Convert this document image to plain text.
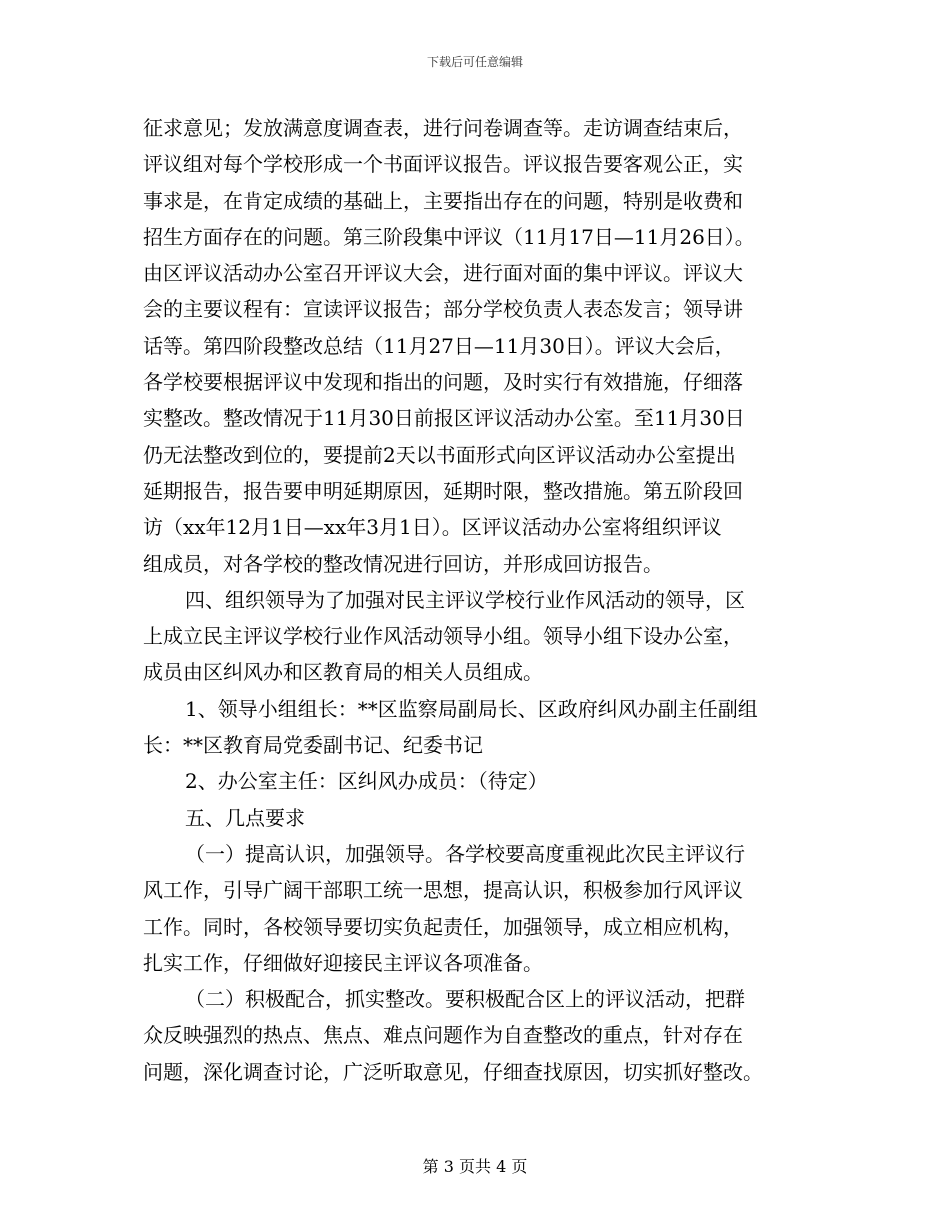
下载后可任意编辑
征求意见；发放满意度调查表，进行问卷调查等。走访调查结束后，
评议组对每个学校形成一个书面评议报告。评议报告要客观公正，实
事求是，在肯定成绩的基础上，主要指出存在的问题，特别是收费和
招生方面存在的问题。第三阶段集中评议（11月17日—11月26日）。
由区评议活动办公室召开评议大会，进行面对面的集中评议。评议大
会的主要议程有：宣读评议报告；部分学校负责人表态发言；领导讲
话等。第四阶段整改总结（11月27日—11月30日）。评议大会后，
各学校要根据评议中发现和指出的问题，及时实行有效措施，仔细落
实整改。整改情况于11月30日前报区评议活动办公室。至11月30日
仍无法整改到位的，要提前2天以书面形式向区评议活动办公室提出
延期报告，报告要申明延期原因，延期时限，整改措施。第五阶段回
访（xx年12月1日—xx年3月1日）。区评议活动办公室将组织评议
组成员，对各学校的整改情况进行回访，并形成回访报告。
四、组织领导为了加强对民主评议学校行业作风活动的领导，区
上成立民主评议学校行业作风活动领导小组。领导小组下设办公室，
成员由区纠风办和区教育局的相关人员组成。
1、领导小组组长：**区监察局副局长、区政府纠风办副主任副组
长：**区教育局党委副书记、纪委书记
2、办公室主任：区纠风办成员：（待定）
五、几点要求
（一）提高认识，加强领导。各学校要高度重视此次民主评议行
风工作，引导广阔干部职工统一思想，提高认识，积极参加行风评议
工作。同时，各校领导要切实负起责任，加强领导，成立相应机构，
扎实工作，仔细做好迎接民主评议各项准备。
（二）积极配合，抓实整改。要积极配合区上的评议活动，把群
众反映强烈的热点、焦点、难点问题作为自查整改的重点，针对存在
问题，深化调查讨论，广泛听取意见，仔细查找原因，切实抓好整改。
第 3 页共 4 页
